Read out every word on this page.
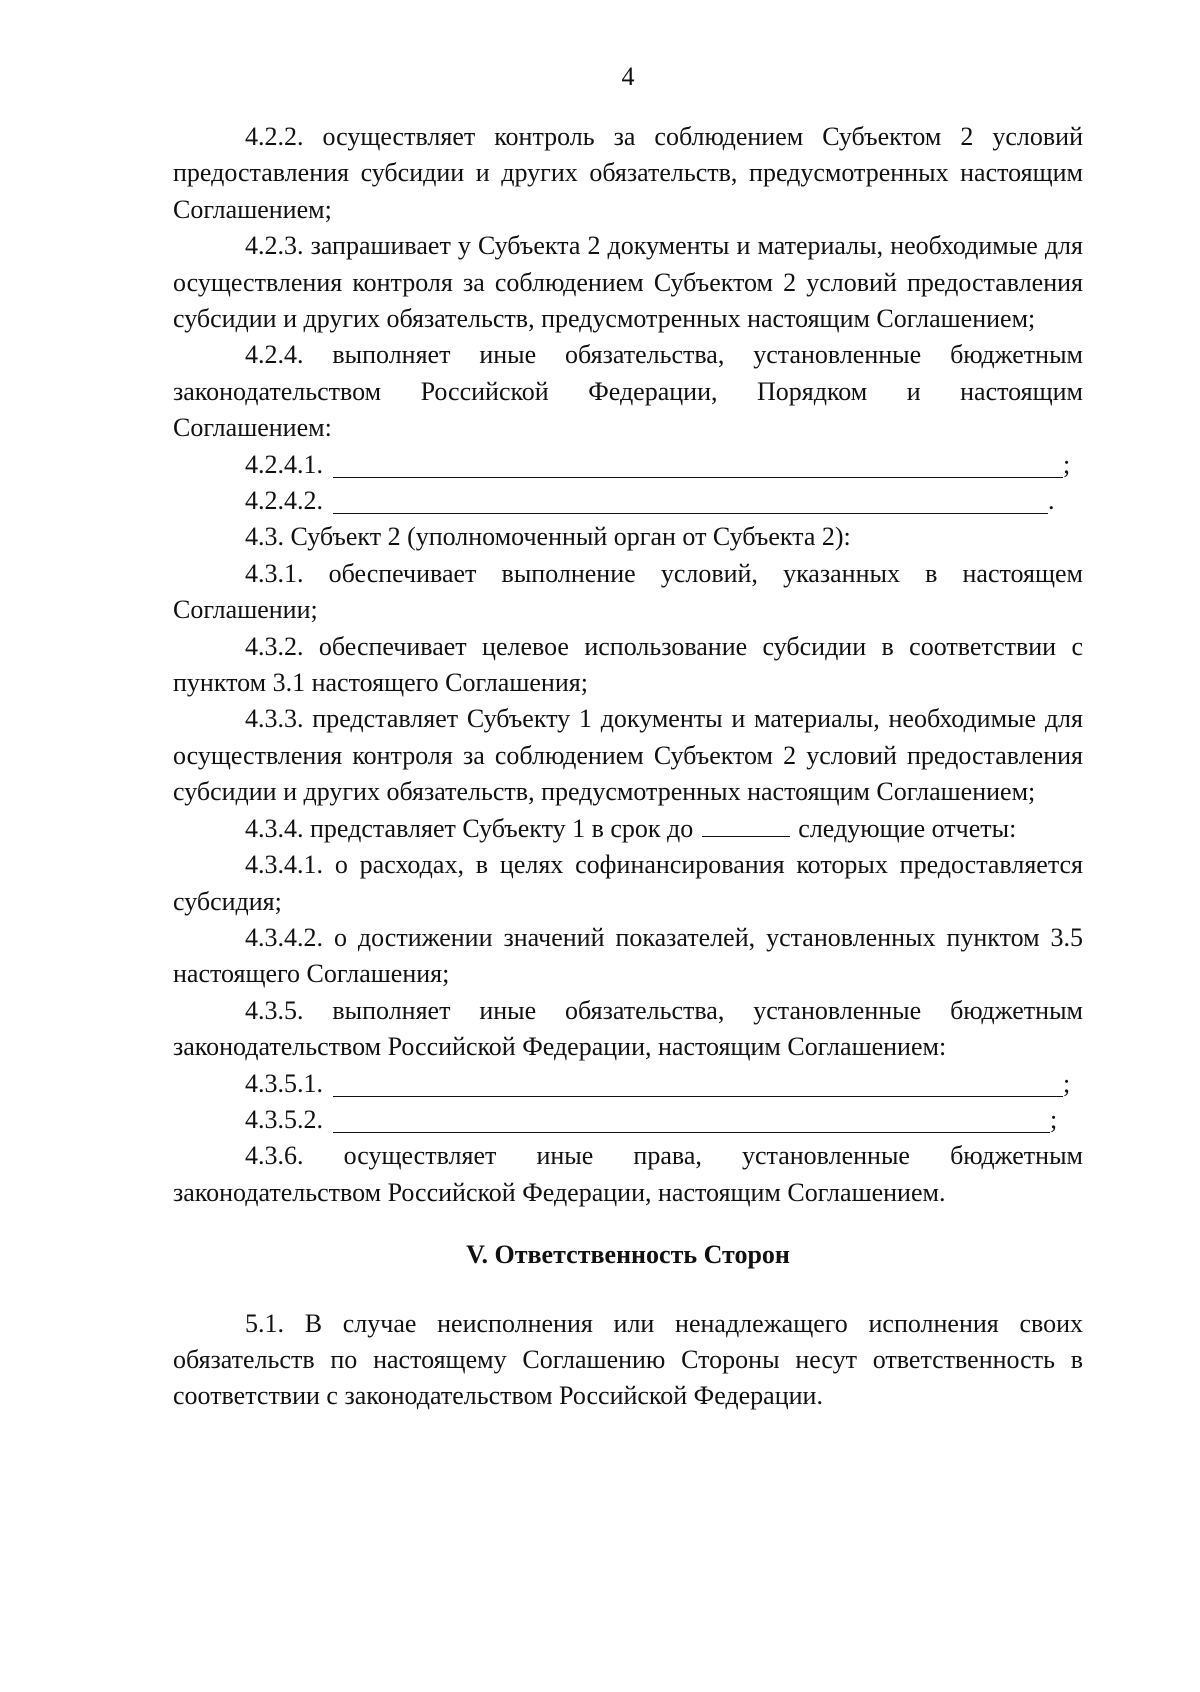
4

4.2.2. осуществляет контроль за соблюдением Субъектом 2 условий предоставления субсидии и других обязательств, предусмотренных настоящим Соглашением;

4.2.3. запрашивает у Субъекта 2 документы и материалы, необходимые для осуществления контроля за соблюдением Субъектом 2 условий предоставления субсидии и других обязательств, предусмотренных настоящим Соглашением;

4.2.4. выполняет иные обязательства, установленные бюджетным законодательством Российской Федерации, Порядком и настоящим Соглашением:

4.2.4.1.	;
4.2.4.2.	.

4.3. Субъект 2 (уполномоченный орган от Субъекта 2):

4.3.1. обеспечивает выполнение условий, указанных в настоящем Соглашении;

4.3.2. обеспечивает целевое использование субсидии в соответствии с пунктом 3.1 настоящего Соглашения;

4.3.3. представляет Субъекту 1 документы и материалы, необходимые для осуществления контроля за соблюдением Субъектом 2 условий предоставления субсидии и других обязательств, предусмотренных настоящим Соглашением;

4.3.4. представляет Субъекту 1 в срок до	следующие отчеты:

4.3.4.1. о расходах, в целях софинансирования которых предоставляется субсидия;

4.3.4.2. о достижении значений показателей, установленных пунктом 3.5 настоящего Соглашения;

4.3.5. выполняет иные обязательства, установленные бюджетным законодательством Российской Федерации, настоящим Соглашением:

4.3.5.1.	;
4.3.5.2.	;

4.3.6. осуществляет иные права, установленные бюджетным законодательством Российской Федерации, настоящим Соглашением.

V. Ответственность Сторон

5.1. В случае неисполнения или ненадлежащего исполнения своих обязательств по настоящему Соглашению Стороны несут ответственность в соответствии с законодательством Российской Федерации.
